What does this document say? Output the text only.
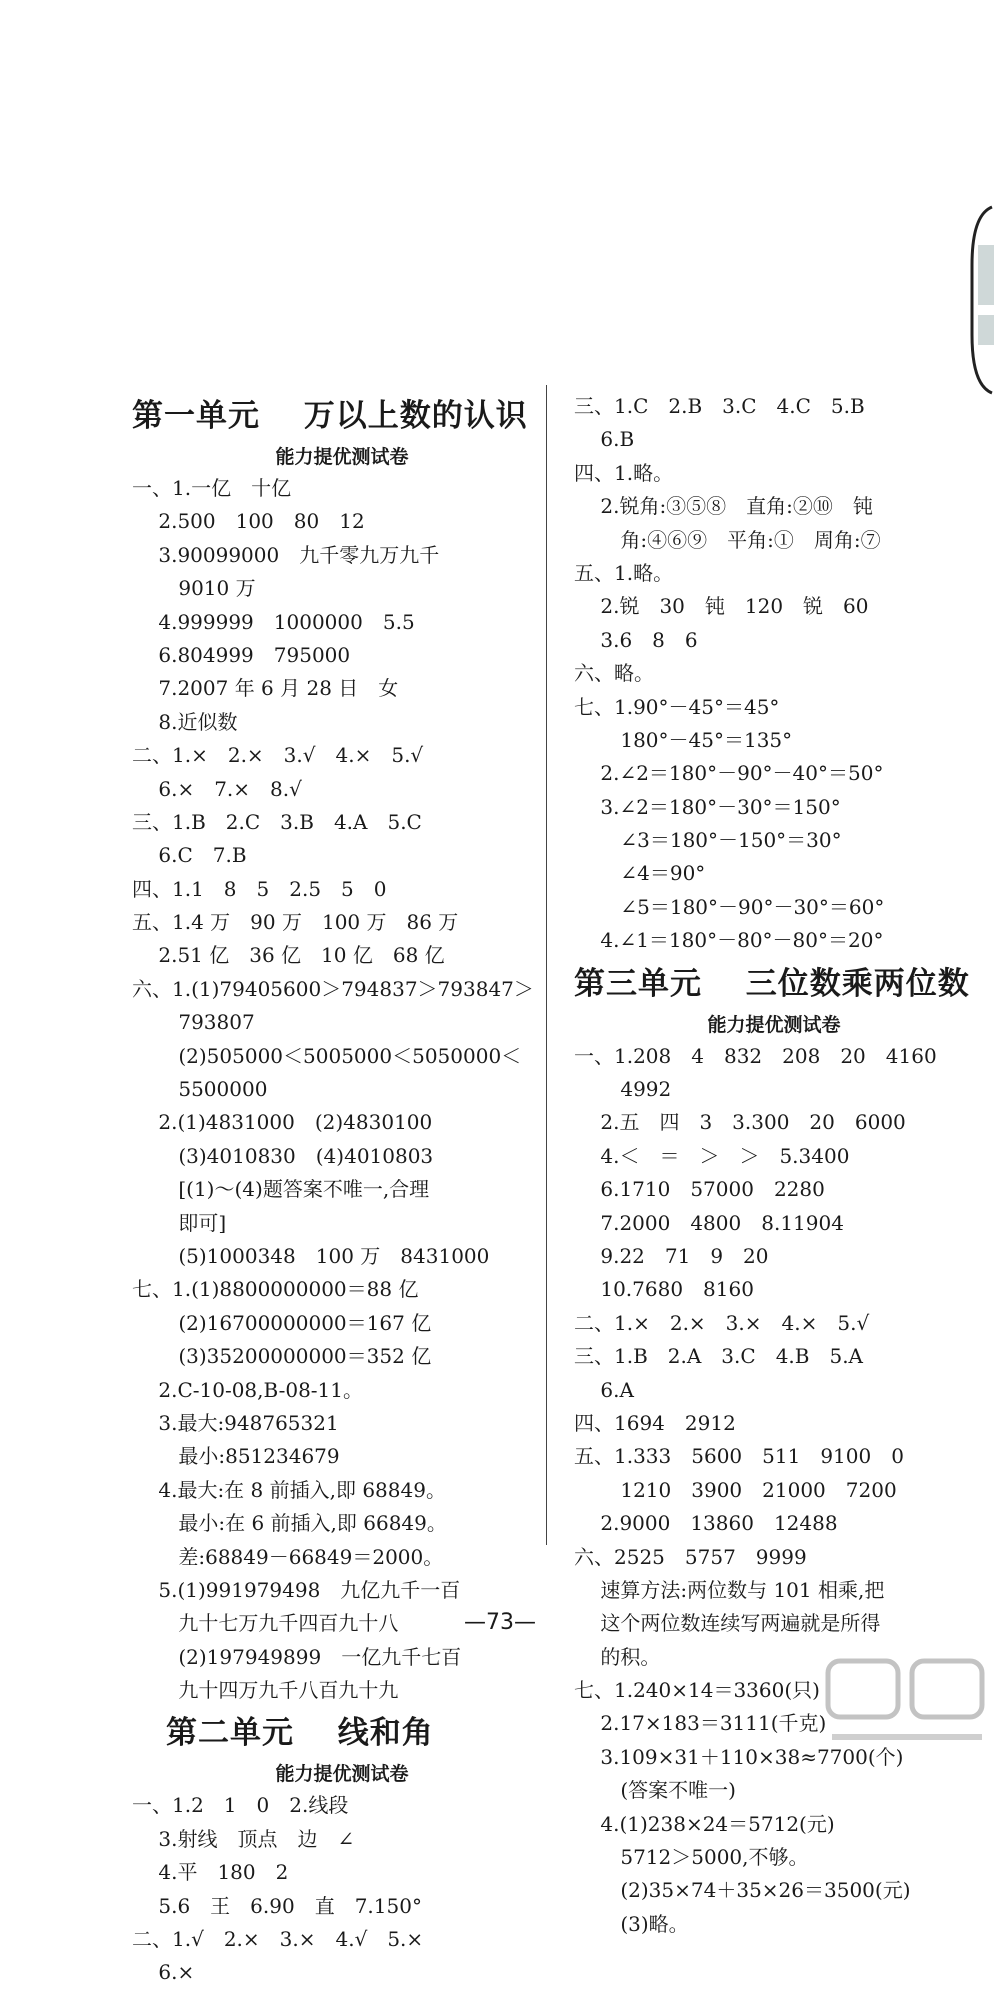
第一单元　 万以上数的认识
能力提优测试卷
一、1.一亿　十亿
　 2.500　100　80　12
　 3.90099000　九千零九万九千
　　 9010 万
　 4.999999　1000000　5.5
　 6.804999　795000
　 7.2007 年 6 月 28 日　女
　 8.近似数
二、1.×　2.×　3.√　4.×　5.√
　 6.×　7.×　8.√
三、1.B　2.C　3.B　4.A　5.C
　 6.C　7.B
四、1.1　8　5　2.5　5　0
五、1.4 万　90 万　100 万　86 万
　 2.51 亿　36 亿　10 亿　68 亿
六、1.(1)79405600＞794837＞793847＞
　　 793807
　　 (2)505000＜5005000＜5050000＜
　　 5500000
　 2.(1)4831000　(2)4830100
　　 (3)4010830　(4)4010803
　　 [(1)～(4)题答案不唯一,合理
　　 即可]
　　 (5)1000348　100 万　8431000
七、1.(1)8800000000＝88 亿
　　 (2)16700000000＝167 亿
　　 (3)35200000000＝352 亿
　 2.C-10-08,B-08-11。
　 3.最大:948765321
　　 最小:851234679
　 4.最大:在 8 前插入,即 68849。
　　 最小:在 6 前插入,即 66849。
　　 差:68849－66849＝2000。
　 5.(1)991979498　九亿九千一百
　　 九十七万九千四百九十八
　　 (2)197949899　一亿九千七百
　　 九十四万九千八百九十九
第二单元　 线和角
能力提优测试卷
一、1.2　1　0　2.线段
　 3.射线　顶点　边　∠
　 4.平　180　2
　 5.6　王　6.90　直　7.150°
二、1.√　2.×　3.×　4.√　5.×
　 6.×
三、1.C　2.B　3.C　4.C　5.B
　 6.B
四、1.略。
　 2.锐角:③⑤⑧　直角:②⑩　钝
　　 角:④⑥⑨　平角:①　周角:⑦
五、1.略。
　 2.锐　30　钝　120　锐　60
　 3.6　8　6
六、略。
七、1.90°－45°＝45°
　　 180°－45°＝135°
　 2.∠2＝180°－90°－40°＝50°
　 3.∠2＝180°－30°＝150°
　　 ∠3＝180°－150°＝30°
　　 ∠4＝90°
　　 ∠5＝180°－90°－30°＝60°
　 4.∠1＝180°－80°－80°＝20°
第三单元　 三位数乘两位数
能力提优测试卷
一、1.208　4　832　208　20　4160
　　 4992
　 2.五　四　3　3.300　20　6000
　 4.＜　＝　＞　＞　5.3400
　 6.1710　57000　2280
　 7.2000　4800　8.11904
　 9.22　71　9　20
　 10.7680　8160
二、1.×　2.×　3.×　4.×　5.√
三、1.B　2.A　3.C　4.B　5.A
　 6.A
四、1694　2912
五、1.333　5600　511　9100　0
　　 1210　3900　21000　7200
　 2.9000　13860　12488
六、2525　5757　9999
　 速算方法:两位数与 101 相乘,把
　 这个两位数连续写两遍就是所得
　 的积。
七、1.240×14＝3360(只)
　 2.17×183＝3111(千克)
　 3.109×31＋110×38≈7700(个)
　　 (答案不唯一)
　 4.(1)238×24＝5712(元)
　　 5712＞5000,不够。
　　 (2)35×74＋35×26＝3500(元)
　　 (3)略。
—73—
